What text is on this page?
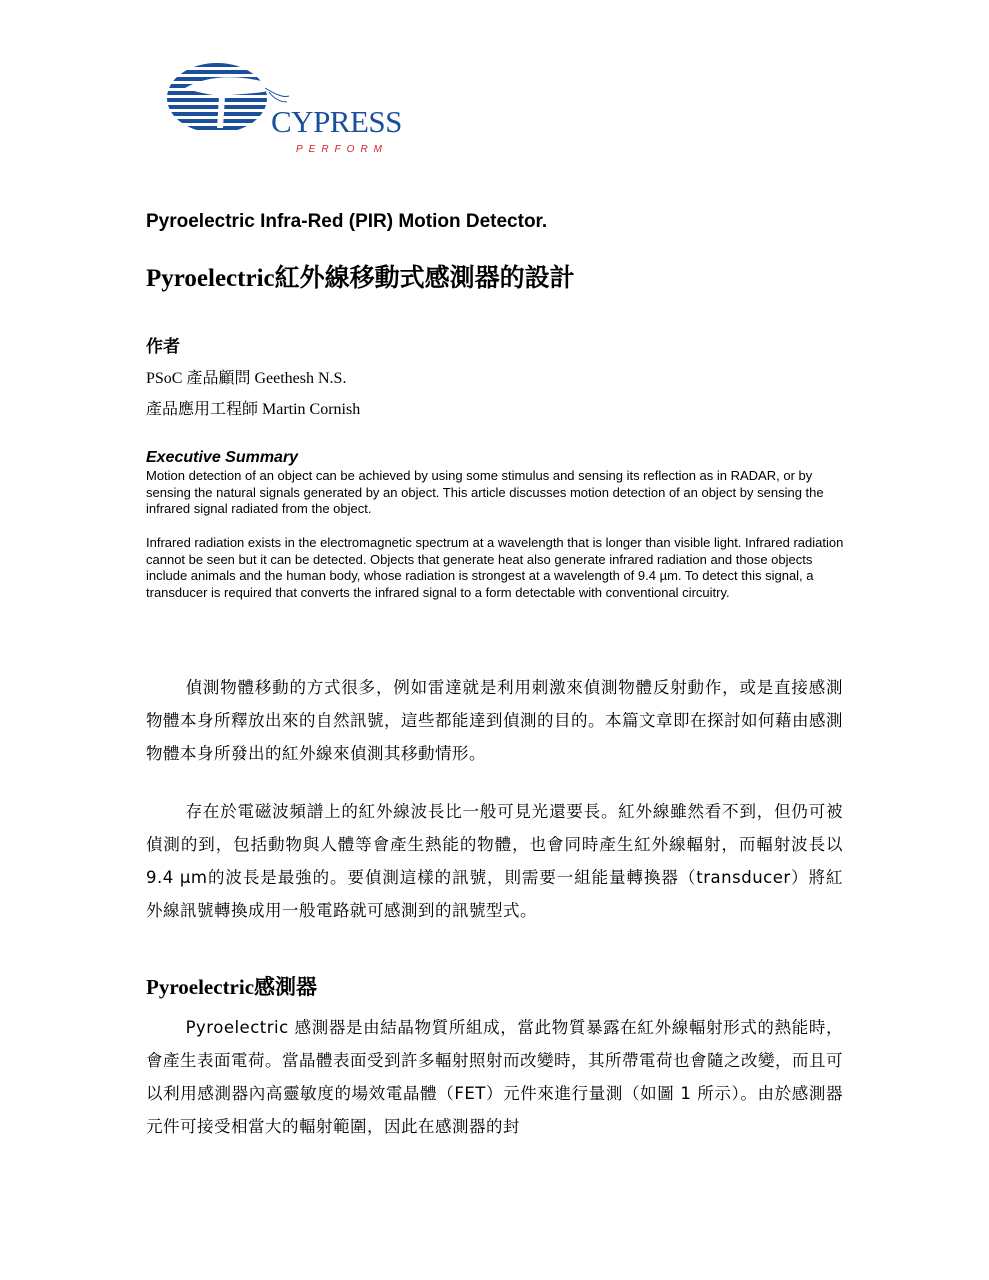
CYPRESS
PERFORM
Pyroelectric Infra-Red (PIR) Motion Detector.
Pyroelectric紅外線移動式感測器的設計
作者
PSoC 產品顧問 Geethesh N.S.
產品應用工程師 Martin Cornish
Executive Summary

Motion detection of an object can be achieved by using some stimulus and sensing its reflection as in RADAR, or by sensing the natural signals generated by an object. This article discusses motion detection of an object by sensing the infrared signal radiated from the object.

Infrared radiation exists in the electromagnetic spectrum at a wavelength that is longer than visible light. Infrared radiation cannot be seen but it can be detected. Objects that generate heat also generate infrared radiation and those objects include animals and the human body, whose radiation is strongest at a wavelength of 9.4 µm. To detect this signal, a transducer is required that converts the infrared signal to a form detectable with conventional circuitry.

偵測物體移動的方式很多，例如雷達就是利用刺激來偵測物體反射動作，或是直接感測物體本身所釋放出來的自然訊號，這些都能達到偵測的目的。本篇文章即在探討如何藉由感測物體本身所發出的紅外線來偵測其移動情形。

存在於電磁波頻譜上的紅外線波長比一般可見光還要長。紅外線雖然看不到，但仍可被偵測的到，包括動物與人體等會產生熱能的物體，也會同時產生紅外線輻射，而輻射波長以9.4 µm的波長是最強的。要偵測這樣的訊號，則需要一組能量轉換器（transducer）將紅外線訊號轉換成用一般電路就可感測到的訊號型式。

Pyroelectric感測器

Pyroelectric 感測器是由結晶物質所組成，當此物質暴露在紅外線輻射形式的熱能時，會產生表面電荷。當晶體表面受到許多輻射照射而改變時，其所帶電荷也會隨之改變，而且可以利用感測器內高靈敏度的場效電晶體（FET）元件來進行量測（如圖 1 所示）。由於感測器元件可接受相當大的輻射範圍，因此在感測器的封
